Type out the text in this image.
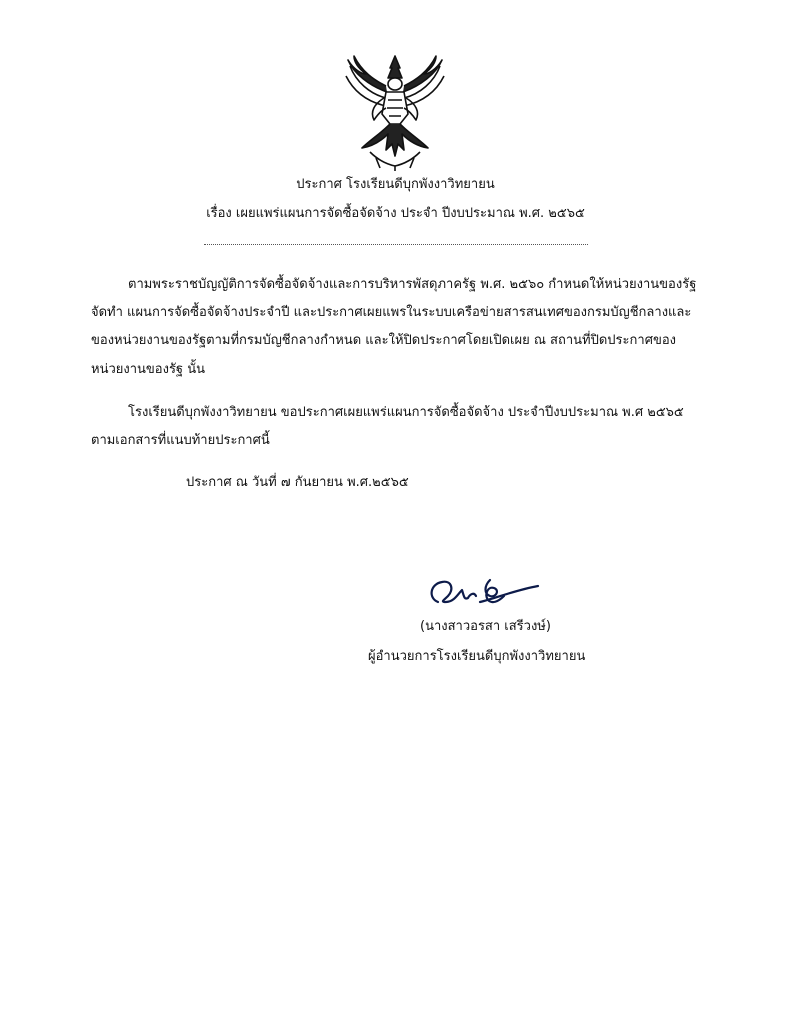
ประกาศ โรงเรียนดีบุกพังงาวิทยายน
เรื่อง เผยแพร่แผนการจัดซื้อจัดจ้าง ประจำ ปีงบประมาณ พ.ศ. ๒๕๖๕
ตามพระราชบัญญัติการจัดซื้อจัดจ้างและการบริหารพัสดุภาครัฐ พ.ศ. ๒๕๖๐ กำหนดให้หน่วยงานของรัฐ
จัดทำ แผนการจัดซื้อจัดจ้างประจำปี และประกาศเผยแพรในระบบเครือข่ายสารสนเทศของกรมบัญชีกลางและ
ของหน่วยงานของรัฐตามที่กรมบัญชีกลางกำหนด และให้ปิดประกาศโดยเปิดเผย ณ สถานที่ปิดประกาศของ
หน่วยงานของรัฐ นั้น
โรงเรียนดีบุกพังงาวิทยายน ขอประกาศเผยแพร่แผนการจัดซื้อจัดจ้าง ประจำปีงบประมาณ พ.ศ ๒๕๖๕
ตามเอกสารที่แนบท้ายประกาศนี้
ประกาศ ณ วันที่ ๗ กันยายน พ.ศ.๒๕๖๕
(นางสาวอรสา เสรีวงษ์)
ผู้อำนวยการโรงเรียนดีบุกพังงาวิทยายน
